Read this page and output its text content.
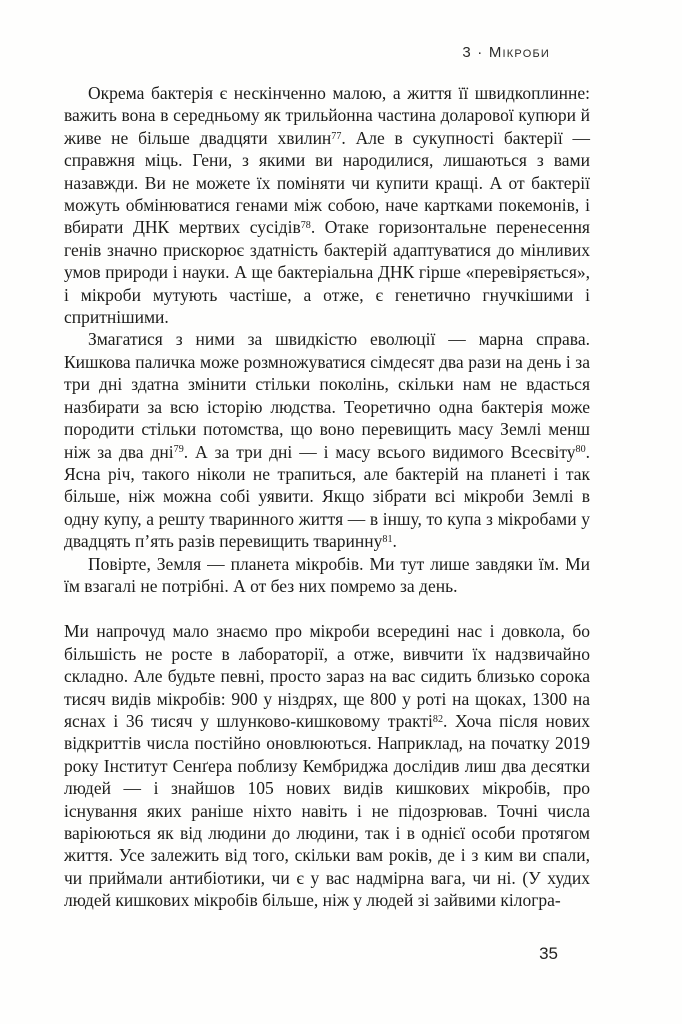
3 · Мікроби

Окрема бактерія є нескінченно малою, а життя її швидкоплинне: важить вона в середньому як трильйонна частина доларової купюри й живе не більше двадцяти хвилин$^{77}$. Але в сукупності бактерії — справжня міць. Гени, з якими ви народилися, лишаються з вами назавжди. Ви не можете їх поміняти чи купити кращі. А от бактерії можуть обмінюватися генами між собою, наче картками покемонів, і вбирати ДНК мертвих сусідів$^{78}$. Отаке горизонтальне перенесення генів значно прискорює здатність бактерій адаптуватися до мінливих умов природи і науки. А ще бактеріальна ДНК гірше «перевіряється», і мікроби мутують частіше, а отже, є генетично гнучкішими і спритнішими.

Змагатися з ними за швидкістю еволюції — марна справа. Кишкова паличка може розмножуватися сімдесят два рази на день і за три дні здатна змінити стільки поколінь, скільки нам не вдасться назбирати за всю історію людства. Теоретично одна бактерія може породити стільки потомства, що воно перевищить масу Землі менш ніж за два дні$^{79}$. А за три дні — і масу всього видимого Всесвіту$^{80}$. Ясна річ, такого ніколи не трапиться, але бактерій на планеті і так більше, ніж можна собі уявити. Якщо зібрати всі мікроби Землі в одну купу, а решту тваринного життя — в іншу, то купа з мікробами у двадцять п’ять разів перевищить тваринну$^{81}$.

Повірте, Земля — планета мікробів. Ми тут лише завдяки їм. Ми їм взагалі не потрібні. А от без них помремо за день.

Ми напрочуд мало знаємо про мікроби всередині нас і довкола, бо більшість не росте в лабораторії, а отже, вивчити їх надзвичайно складно. Але будьте певні, просто зараз на вас сидить близько сорока тисяч видів мікробів: 900 у ніздрях, ще 800 у роті на щоках, 1300 на яснах і 36 тисяч у шлунково-кишковому тракті$^{82}$. Хоча після нових відкриттів числа постійно оновлюються. Наприклад, на початку 2019 року Інститут Сенґера поблизу Кембриджа дослідив лиш два десятки людей — і знайшов 105 нових видів кишкових мікробів, про існування яких раніше ніхто навіть і не підозрював. Точні числа варіюються як від людини до людини, так і в однієї особи протягом життя. Усе залежить від того, скільки вам років, де і з ким ви спали, чи приймали антибіотики, чи є у вас надмірна вага, чи ні. (У худих людей кишкових мікробів більше, ніж у людей зі зайвими кілогра-

35
